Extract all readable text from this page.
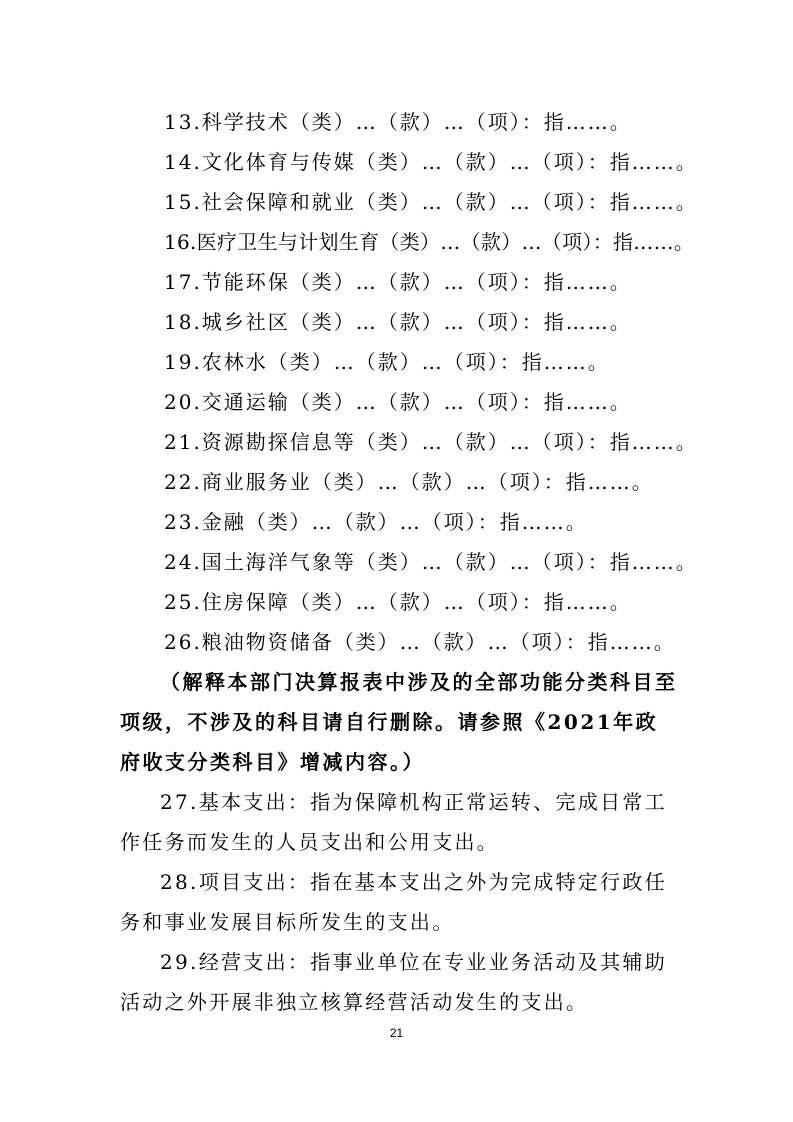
13.科学技术（类）…（款）…（项）：指……。
14.文化体育与传媒（类）…（款）…（项）：指……。
15.社会保障和就业（类）…（款）…（项）：指……。
16.医疗卫生与计划生育（类）…（款）…（项）：指……。
17.节能环保（类）…（款）…（项）：指……。
18.城乡社区（类）…（款）…（项）：指……。
19.农林水（类）…（款）…（项）：指……。
20.交通运输（类）…（款）…（项）：指……。
21.资源勘探信息等（类）…（款）…（项）：指……。
22.商业服务业（类）…（款）…（项）：指……。
23.金融（类）…（款）…（项）：指……。
24.国土海洋气象等（类）…（款）…（项）：指……。
25.住房保障（类）…（款）…（项）：指……。
26.粮油物资储备（类）…（款）…（项）：指……。
（解释本部门决算报表中涉及的全部功能分类科目至项级，不涉及的科目请自行删除。请参照《2021年政府收支分类科目》增减内容。）
27.基本支出：指为保障机构正常运转、完成日常工作任务而发生的人员支出和公用支出。
28.项目支出：指在基本支出之外为完成特定行政任务和事业发展目标所发生的支出。
29.经营支出：指事业单位在专业业务活动及其辅助活动之外开展非独立核算经营活动发生的支出。
21
